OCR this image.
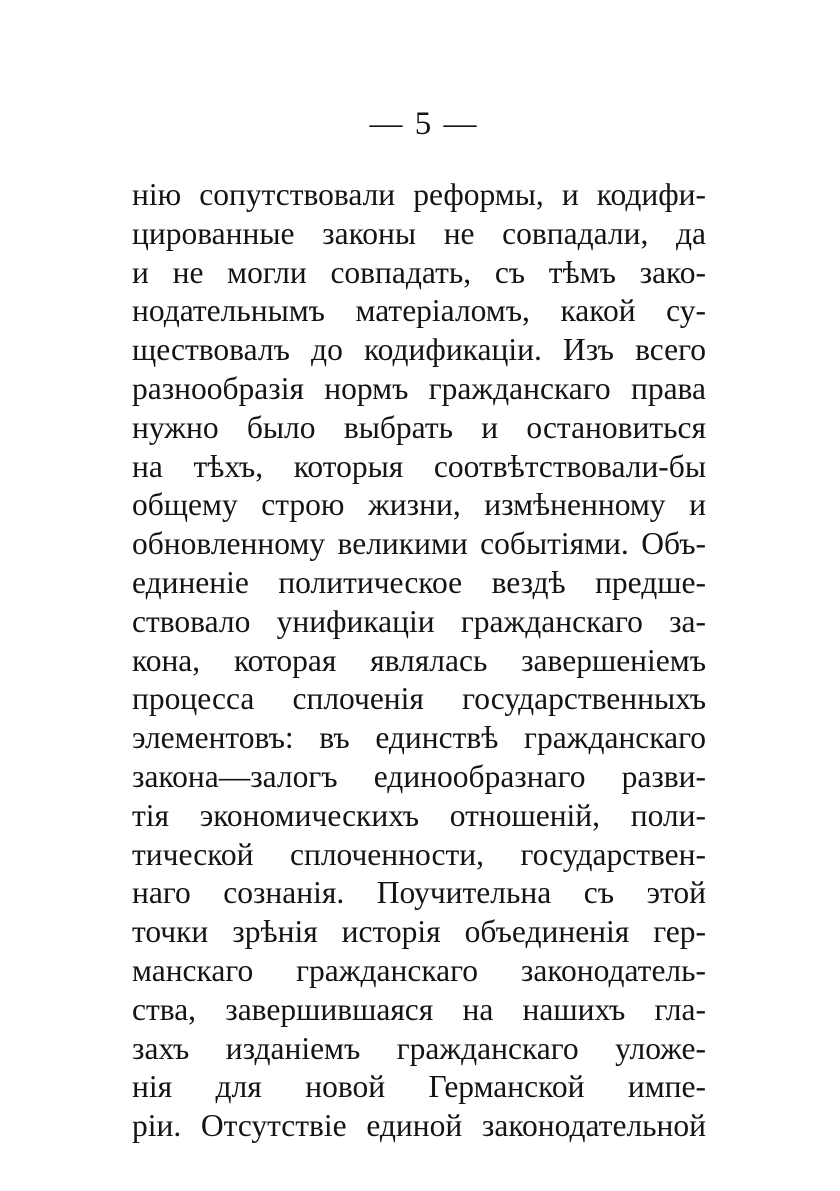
— 5 —
нію сопутствовали реформы, и кодифи-
цированные законы не совпадали, да
и не могли совпадать, съ тѣмъ зако-
нодательнымъ матеріаломъ, какой су-
ществовалъ до кодификаціи. Изъ всего
разнообразія нормъ гражданскаго права
нужно было выбрать и остановиться
на тѣхъ, которыя соотвѣтствовали-бы
общему строю жизни, измѣненному и
обновленному великими событіями. Объ-
единеніе политическое вездѣ предше-
ствовало унификаціи гражданскаго за-
кона, которая являлась завершеніемъ
процесса сплоченія государственныхъ
элементовъ: въ единствѣ гражданскаго
закона—залогъ единообразнаго разви-
тія экономическихъ отношеній, поли-
тической сплоченности, государствен-
наго сознанія. Поучительна съ этой
точки зрѣнія исторія объединенія гер-
манскаго гражданскаго законодатель-
ства, завершившаяся на нашихъ гла-
захъ изданіемъ гражданскаго уложе-
нія для новой Германской импе-
ріи. Отсутствіе единой законодательной
